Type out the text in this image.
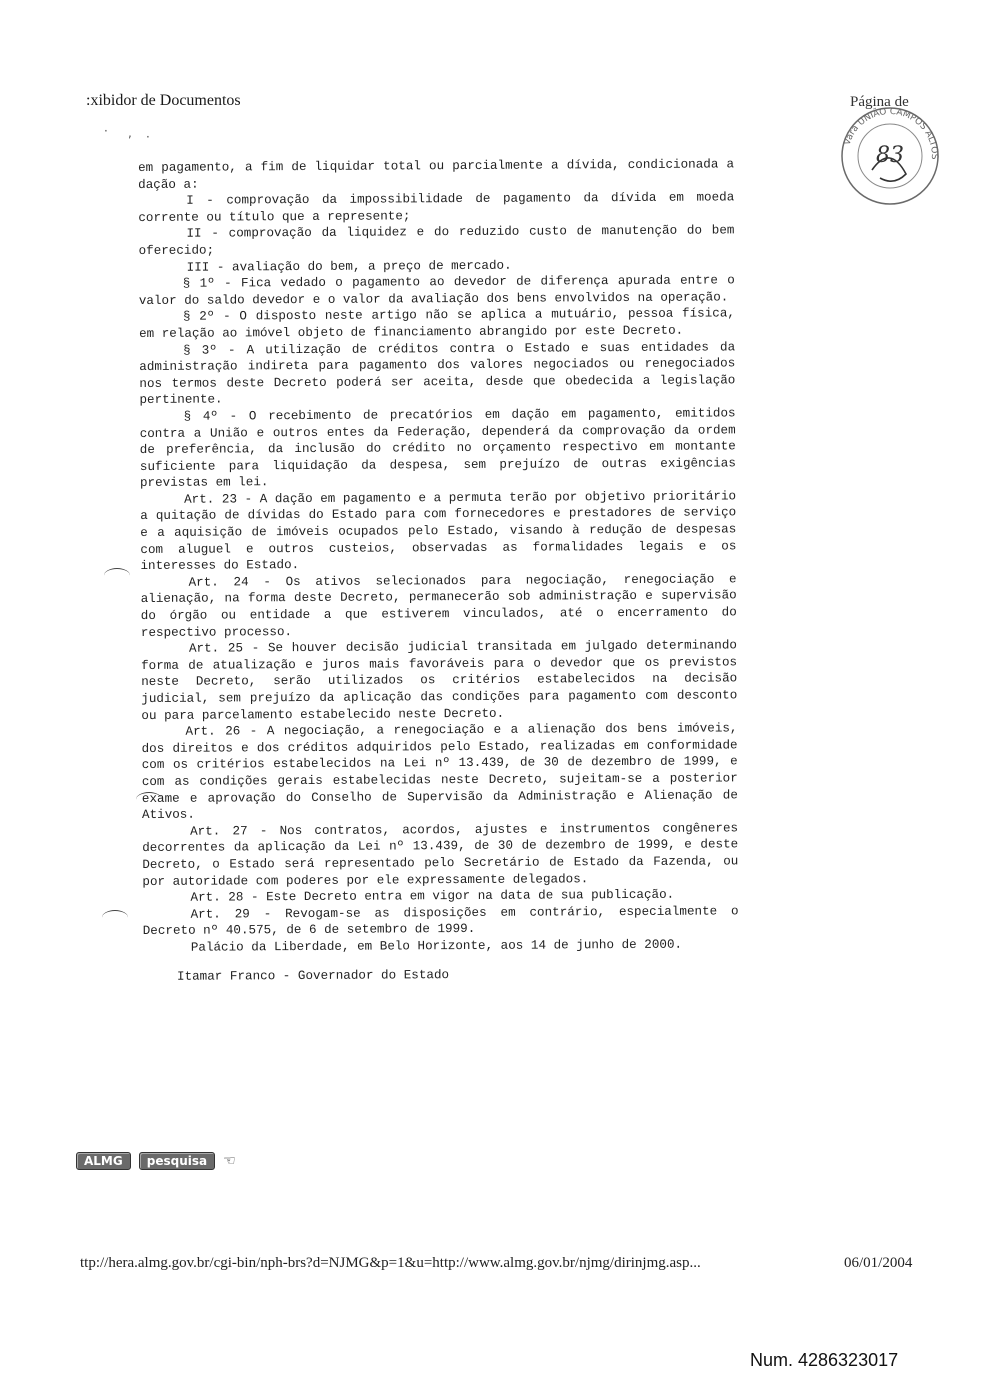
:xibidor de Documentos	Página de
Vara UNIÃO CAMPOS ALTOS
83
· , ·

em pagamento, a fim de liquidar total ou parcialmente a dívida, condicionada a dação a:

I - comprovação da impossibilidade de pagamento da dívida em moeda corrente ou título que a represente;

II - comprovação da liquidez e do reduzido custo de manutenção do bem oferecido;

III - avaliação do bem, a preço de mercado.

§ 1º - Fica vedado o pagamento ao devedor de diferença apurada entre o valor do saldo devedor e o valor da avaliação dos bens envolvidos na operação.

§ 2º - O disposto neste artigo não se aplica a mutuário, pessoa física, em relação ao imóvel objeto de financiamento abrangido por este Decreto.

§ 3º - A utilização de créditos contra o Estado e suas entidades da administração indireta para pagamento dos valores negociados ou renegociados nos termos deste Decreto poderá ser aceita, desde que obedecida a legislação pertinente.

§ 4º - O recebimento de precatórios em dação em pagamento, emitidos contra a União e outros entes da Federação, dependerá da comprovação da ordem de preferência, da inclusão do crédito no orçamento respectivo em montante suficiente para liquidação da despesa, sem prejuízo de outras exigências previstas em lei.

Art. 23 - A dação em pagamento e a permuta terão por objetivo prioritário a quitação de dívidas do Estado para com fornecedores e prestadores de serviço e a aquisição de imóveis ocupados pelo Estado, visando à redução de despesas com aluguel e outros custeios, observadas as formalidades legais e os interesses do Estado.

Art. 24 - Os ativos selecionados para negociação, renegociação e alienação, na forma deste Decreto, permanecerão sob administração e supervisão do órgão ou entidade a que estiverem vinculados, até o encerramento do respectivo processo.

Art. 25 - Se houver decisão judicial transitada em julgado determinando forma de atualização e juros mais favoráveis para o devedor que os previstos neste Decreto, serão utilizados os critérios estabelecidos na decisão judicial, sem prejuízo da aplicação das condições para pagamento com desconto ou para parcelamento estabelecido neste Decreto.

Art. 26 - A negociação, a renegociação e a alienação dos bens imóveis, dos direitos e dos créditos adquiridos pelo Estado, realizadas em conformidade com os critérios estabelecidos na Lei nº 13.439, de 30 de dezembro de 1999, e com as condições gerais estabelecidas neste Decreto, sujeitam-se a posterior exame e aprovação do Conselho de Supervisão da Administração e Alienação de Ativos.

Art. 27 - Nos contratos, acordos, ajustes e instrumentos congêneres decorrentes da aplicação da Lei nº 13.439, de 30 de dezembro de 1999, e deste Decreto, o Estado será representado pelo Secretário de Estado da Fazenda, ou por autoridade com poderes por ele expressamente delegados.

Art. 28 - Este Decreto entra em vigor na data de sua publicação.

Art. 29 - Revogam-se as disposições em contrário, especialmente o Decreto nº 40.575, de 6 de setembro de 1999.

Palácio da Liberdade, em Belo Horizonte, aos 14 de junho de 2000.

Itamar Franco - Governador do Estado

ALMG	pesquisa	☜
ttp://hera.almg.gov.br/cgi-bin/nph-brs?d=NJMG&p=1&u=http://www.almg.gov.br/njmg/dirinjmg.asp...	06/01/2004
Num. 4286323017
